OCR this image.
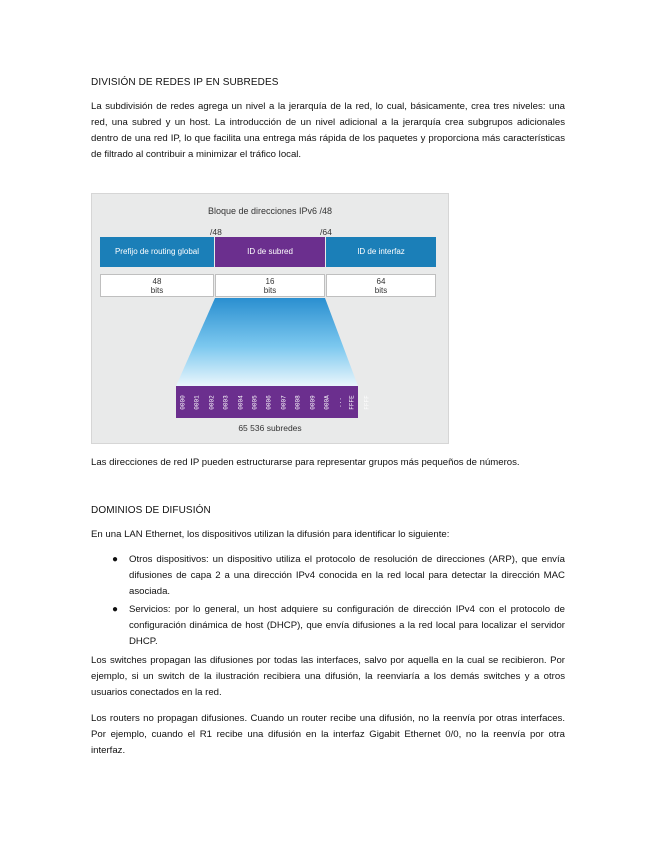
DIVISIÓN DE REDES IP EN SUBREDES

La subdivisión de redes agrega un nivel a la jerarquía de la red, lo cual, básicamente, crea tres niveles: una red, una subred y un host. La introducción de un nivel adicional a la jerarquía crea subgrupos adicionales dentro de una red IP, lo que facilita una entrega más rápida de los paquetes y proporciona más características de filtrado al contribuir a minimizar el tráfico local.

Bloque de direcciones IPv6 /48
/48	/64
Prefijo de routing global	ID de subred	ID de interfaz
48
bits
16
bits
64
bits
0000 0001 0002 0003 0004 0005 0006 0007 0008 0009 000A ... FFFE FFFF
65 536 subredes

Las direcciones de red IP pueden estructurarse para representar grupos más pequeños de números.

DOMINIOS DE DIFUSIÓN

En una LAN Ethernet, los dispositivos utilizan la difusión para identificar lo siguiente:

● Otros dispositivos: un dispositivo utiliza el protocolo de resolución de direcciones (ARP), que envía difusiones de capa 2 a una dirección IPv4 conocida en la red local para detectar la dirección MAC asociada.
● Servicios: por lo general, un host adquiere su configuración de dirección IPv4 con el protocolo de configuración dinámica de host (DHCP), que envía difusiones a la red local para localizar el servidor DHCP.

Los switches propagan las difusiones por todas las interfaces, salvo por aquella en la cual se recibieron. Por ejemplo, si un switch de la ilustración recibiera una difusión, la reenviaría a los demás switches y a otros usuarios conectados en la red.

Los routers no propagan difusiones. Cuando un router recibe una difusión, no la reenvía por otras interfaces. Por ejemplo, cuando el R1 recibe una difusión en la interfaz Gigabit Ethernet 0/0, no la reenvía por otra interfaz.
